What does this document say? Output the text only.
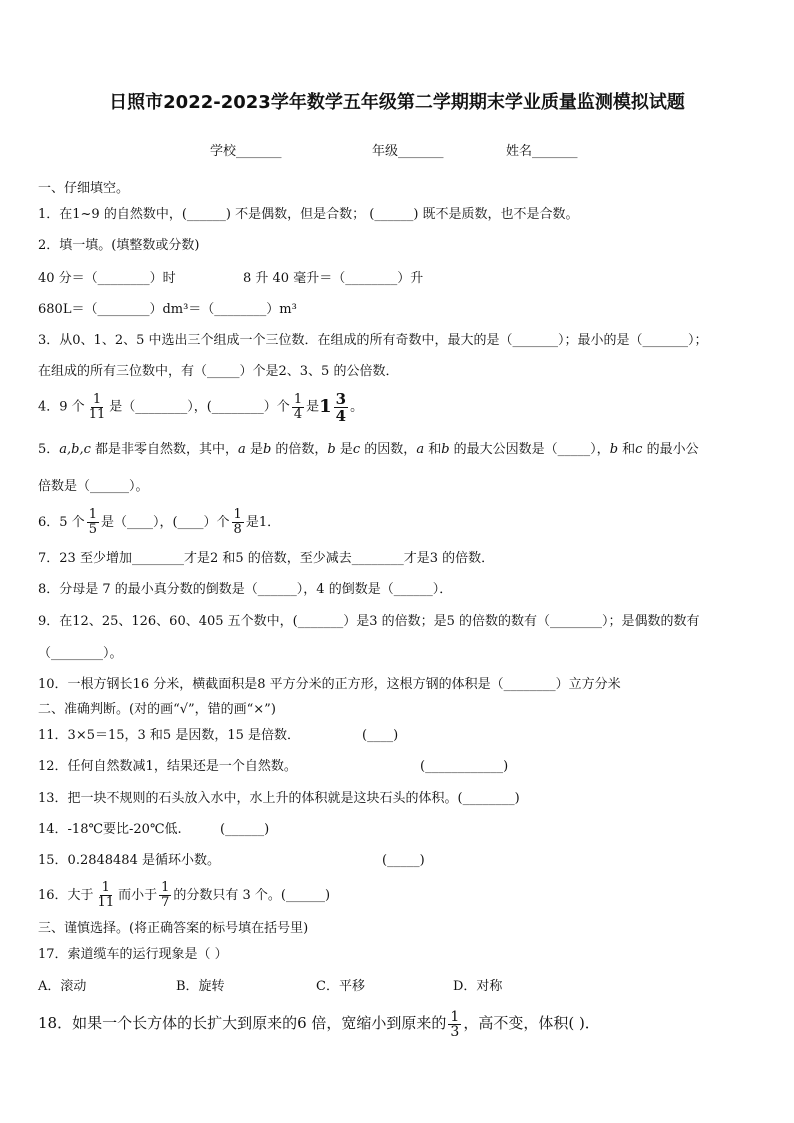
日照市2022-2023学年数学五年级第二学期期末学业质量监测模拟试题
学校_______	年级_______	姓名_______
一、仔细填空。
1．在1~9 的自然数中，(______) 不是偶数，但是合数； (______) 既不是质数，也不是合数。
2．填一填。(填整数或分数)
40 分＝（________）时	8 升 40 毫升＝（________）升
680L＝（________）dm³＝（________）m³
3．从0、1、2、5 中选出三个组成一个三位数．在组成的所有奇数中，最大的是（_______）；最小的是（_______）；
在组成的所有三位数中，有（_____）个是2、3、5 的公倍数．
4．9 个 $\frac{1}{11}$ 是（________），(________）个 $\frac{1}{4}$ 是$1 \frac{3}{4}$ 。
5．a,b,c 都是非零自然数，其中，a 是b 的倍数，b 是c 的因数，a 和b 的最大公因数是（_____），b 和c 的最小公
倍数是（______）。
6．5 个 $\frac{1}{5}$ 是（____），(____）个 $\frac{1}{8}$ 是1．
7．23 至少增加________才是2 和5 的倍数，至少减去________才是3 的倍数．
8．分母是 7 的最小真分数的倒数是（______），4 的倒数是（______）．
9．在12、25、126、60、405 五个数中，(_______）是3 的倍数；是5 的倍数的数有（________）；是偶数的数有
（________）。
10．一根方钢长16 分米，横截面积是8 平方分米的正方形，这根方钢的体积是（________）立方分米
二、准确判断。(对的画“√”，错的画“×”)
11．3×5＝15，3 和5 是因数，15 是倍数．	(____)
12．任何自然数减1，结果还是一个自然数。	(____________)
13．把一块不规则的石头放入水中，水上升的体积就是这块石头的体积。(________)
14．-18℃要比-20℃低.	(______)
15．0.2848484 是循环小数。	(_____)
16．大于 $\frac{1}{11}$ 而小于 $\frac{1}{7}$ 的分数只有 3 个。(______)
三、谨慎选择。(将正确答案的标号填在括号里)
17．索道缆车的运行现象是（ ）
A．滚动	B．旋转	C．平移	D．对称
18．如果一个长方体的长扩大到原来的6 倍，宽缩小到原来的 $\frac{1}{3}$ ，高不变，体积( )．
